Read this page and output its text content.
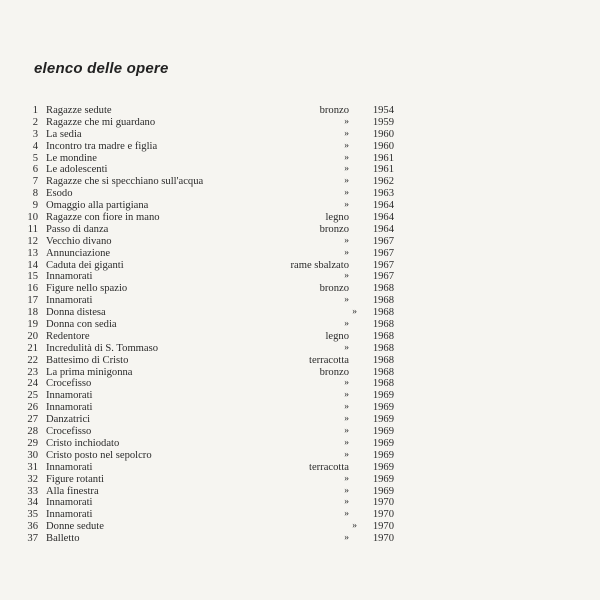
elenco delle opere
1 Ragazze sedute	bronzo	1954
2 Ragazze che mi guardano	»	1959
3 La sedia	»	1960
4 Incontro tra madre e figlia	»	1960
5 Le mondine	»	1961
6 Le adolescenti	»	1961
7 Ragazze che si specchiano sull'acqua	»	1962
8 Esodo	»	1963
9 Omaggio alla partigiana	»	1964
10 Ragazze con fiore in mano	legno	1964
11 Passo di danza	bronzo	1964
12 Vecchio divano	»	1967
13 Annunciazione	»	1967
14 Caduta dei giganti	rame sbalzato	1967
15 Innamorati	»	1967
16 Figure nello spazio	bronzo	1968
17 Innamorati	»	1968
18 Donna distesa	»	1968
19 Donna con sedia	»	1968
20 Redentore	legno	1968
21 Incredulità di S. Tommaso	»	1968
22 Battesimo di Cristo	terracotta	1968
23 La prima minigonna	bronzo	1968
24 Crocefisso	»	1968
25 Innamorati	»	1969
26 Innamorati	»	1969
27 Danzatrici	»	1969
28 Crocefisso	»	1969
29 Cristo inchiodato	»	1969
30 Cristo posto nel sepolcro	»	1969
31 Innamorati	terracotta	1969
32 Figure rotanti	»	1969
33 Alla finestra	»	1969
34 Innamorati	»	1970
35 Innamorati	»	1970
36 Donne sedute	»	1970
37 Balletto	»	1970
